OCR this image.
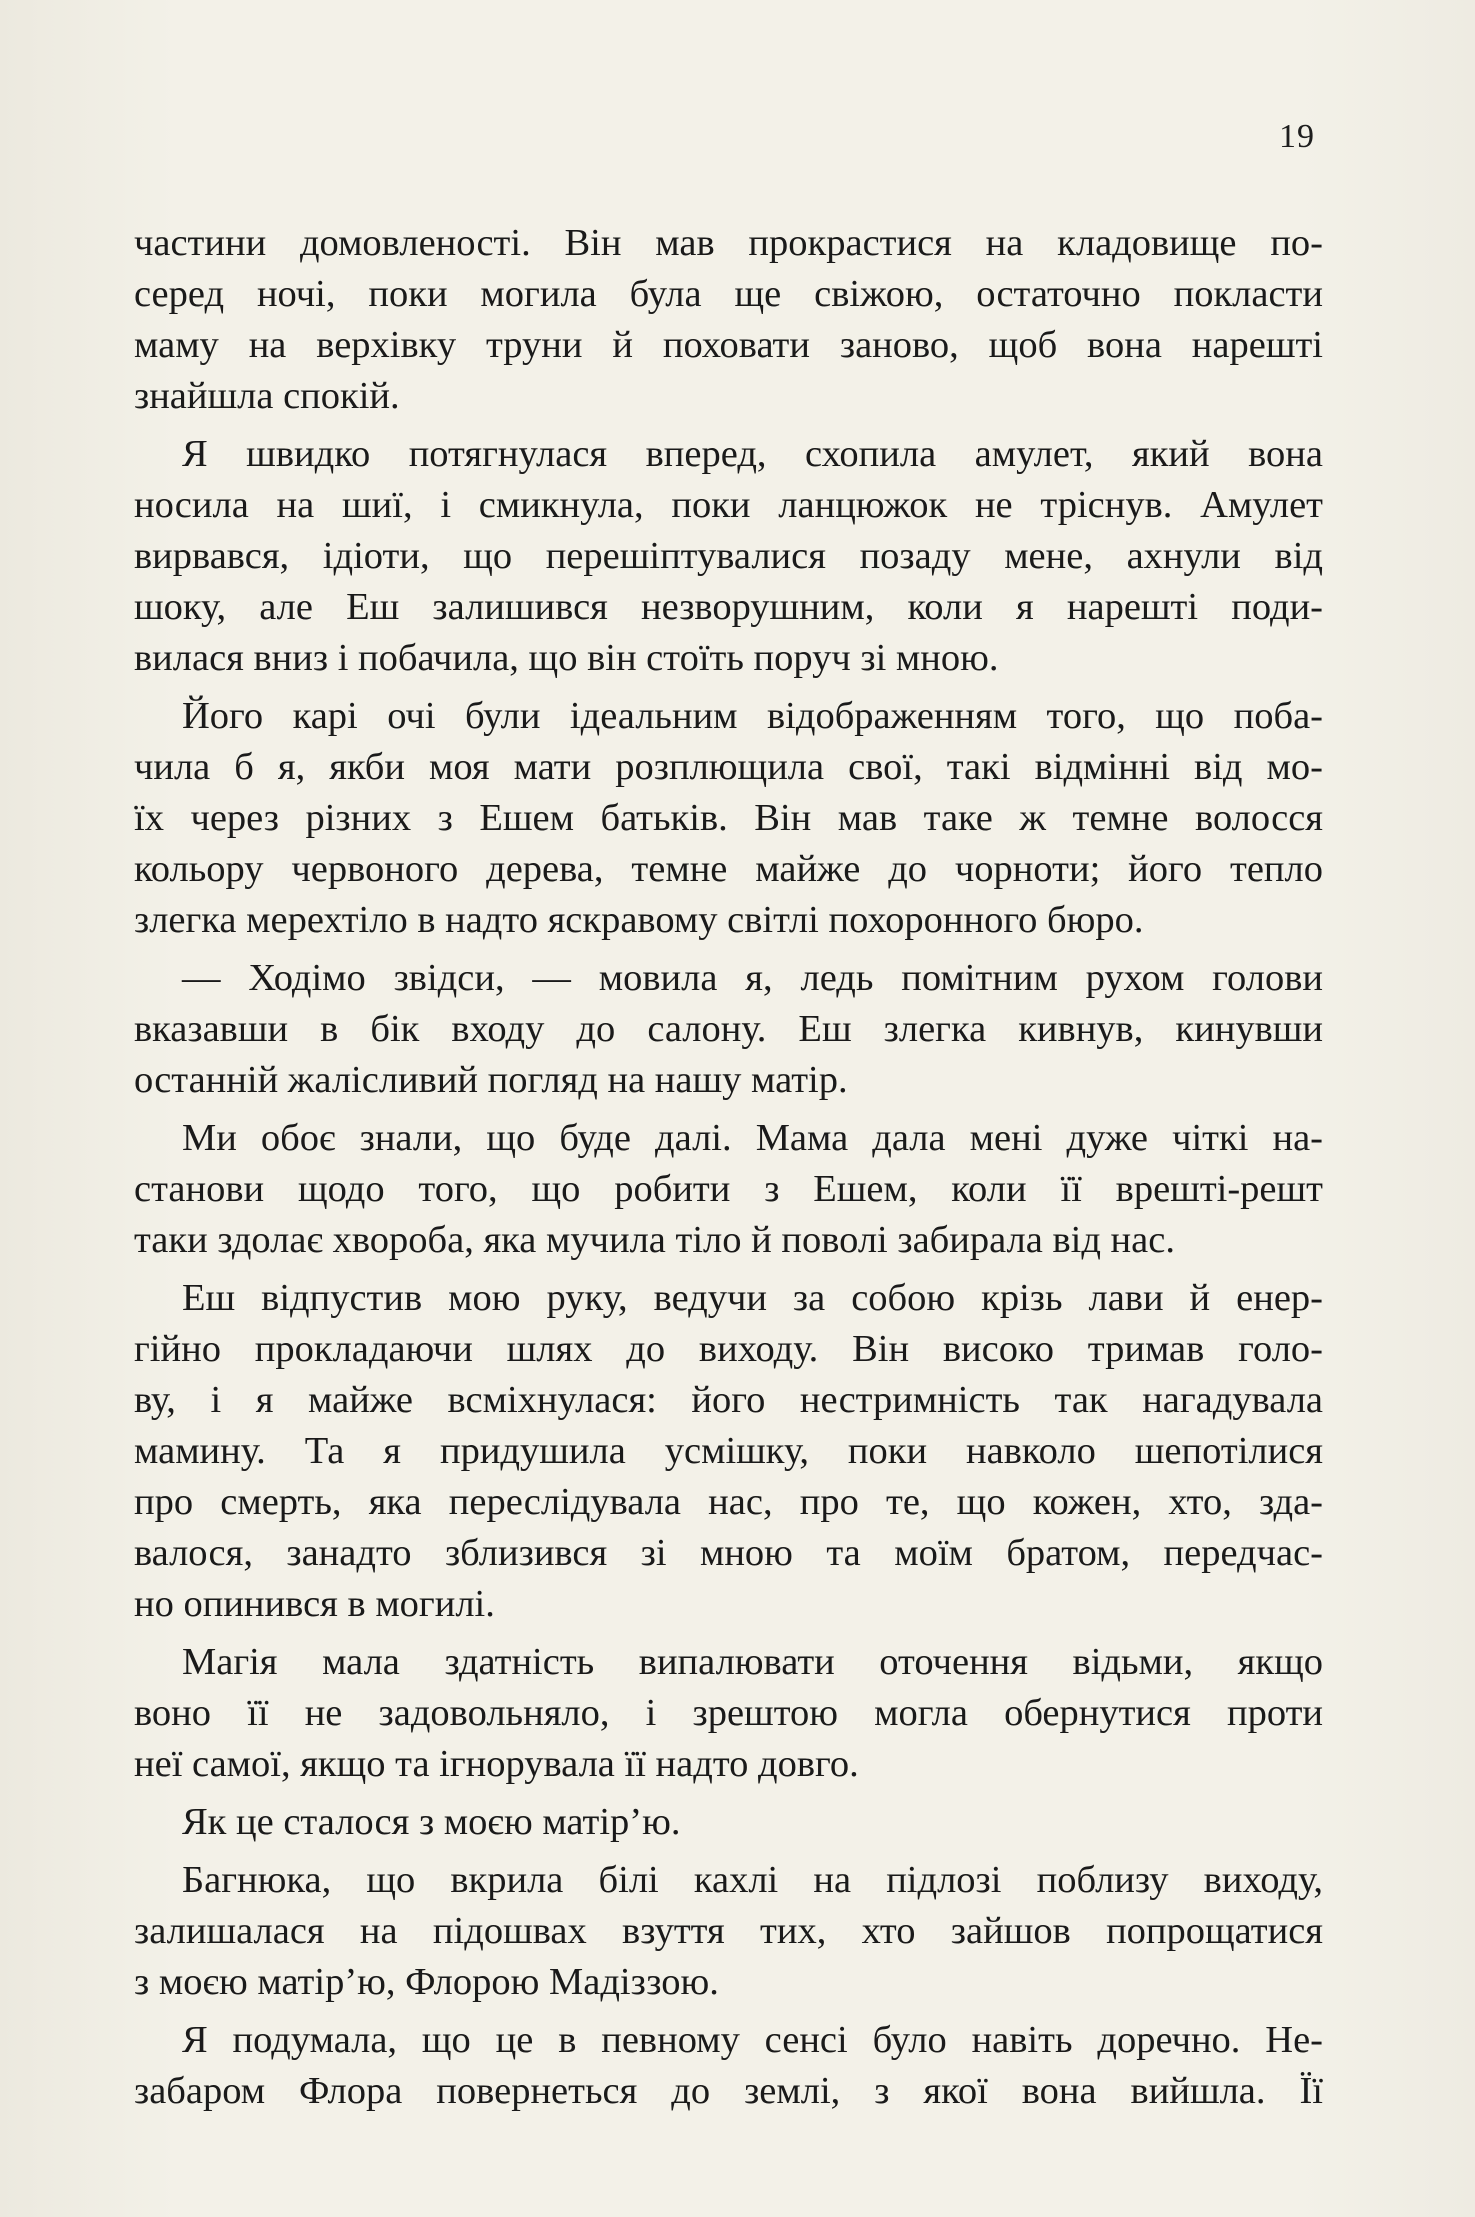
19
частини домовленості. Він мав прокрастися на кладовище по-
серед ночі, поки могила була ще свіжою, остаточно покласти
маму на верхівку труни й поховати заново, щоб вона нарешті
знайшла спокій.
Я швидко потягнулася вперед, схопила амулет, який вона
носила на шиї, і смикнула, поки ланцюжок не тріснув. Амулет
вирвався, ідіоти, що перешіптувалися позаду мене, ахнули від
шоку, але Еш залишився незворушним, коли я нарешті поди-
вилася вниз і побачила, що він стоїть поруч зі мною.
Його карі очі були ідеальним відображенням того, що поба-
чила б я, якби моя мати розплющила свої, такі відмінні від мо-
їх через різних з Ешем батьків. Він мав таке ж темне волосся
кольору червоного дерева, темне майже до чорноти; його тепло
злегка мерехтіло в надто яскравому світлі похоронного бюро.
— Ходімо звідси, — мовила я, ледь помітним рухом голови
вказавши в бік входу до салону. Еш злегка кивнув, кинувши
останній жалісливий погляд на нашу матір.
Ми обоє знали, що буде далі. Мама дала мені дуже чіткі на-
станови щодо того, що робити з Ешем, коли її врешті-решт
таки здолає хвороба, яка мучила тіло й поволі забирала від нас.
Еш відпустив мою руку, ведучи за собою крізь лави й енер-
гійно прокладаючи шлях до виходу. Він високо тримав голо-
ву, і я майже всміхнулася: його нестримність так нагадувала
мамину. Та я придушила усмішку, поки навколо шепотілися
про смерть, яка переслідувала нас, про те, що кожен, хто, зда-
валося, занадто зблизився зі мною та моїм братом, передчас-
но опинився в могилі.
Магія мала здатність випалювати оточення відьми, якщо
воно її не задовольняло, і зрештою могла обернутися проти
неї самої, якщо та ігнорувала її надто довго.
Як це сталося з моєю матір’ю.
Багнюка, що вкрила білі кахлі на підлозі поблизу виходу,
залишалася на підошвах взуття тих, хто зайшов попрощатися
з моєю матір’ю, Флорою Мадіззою.
Я подумала, що це в певному сенсі було навіть доречно. Не-
забаром Флора повернеться до землі, з якої вона вийшла. Її
